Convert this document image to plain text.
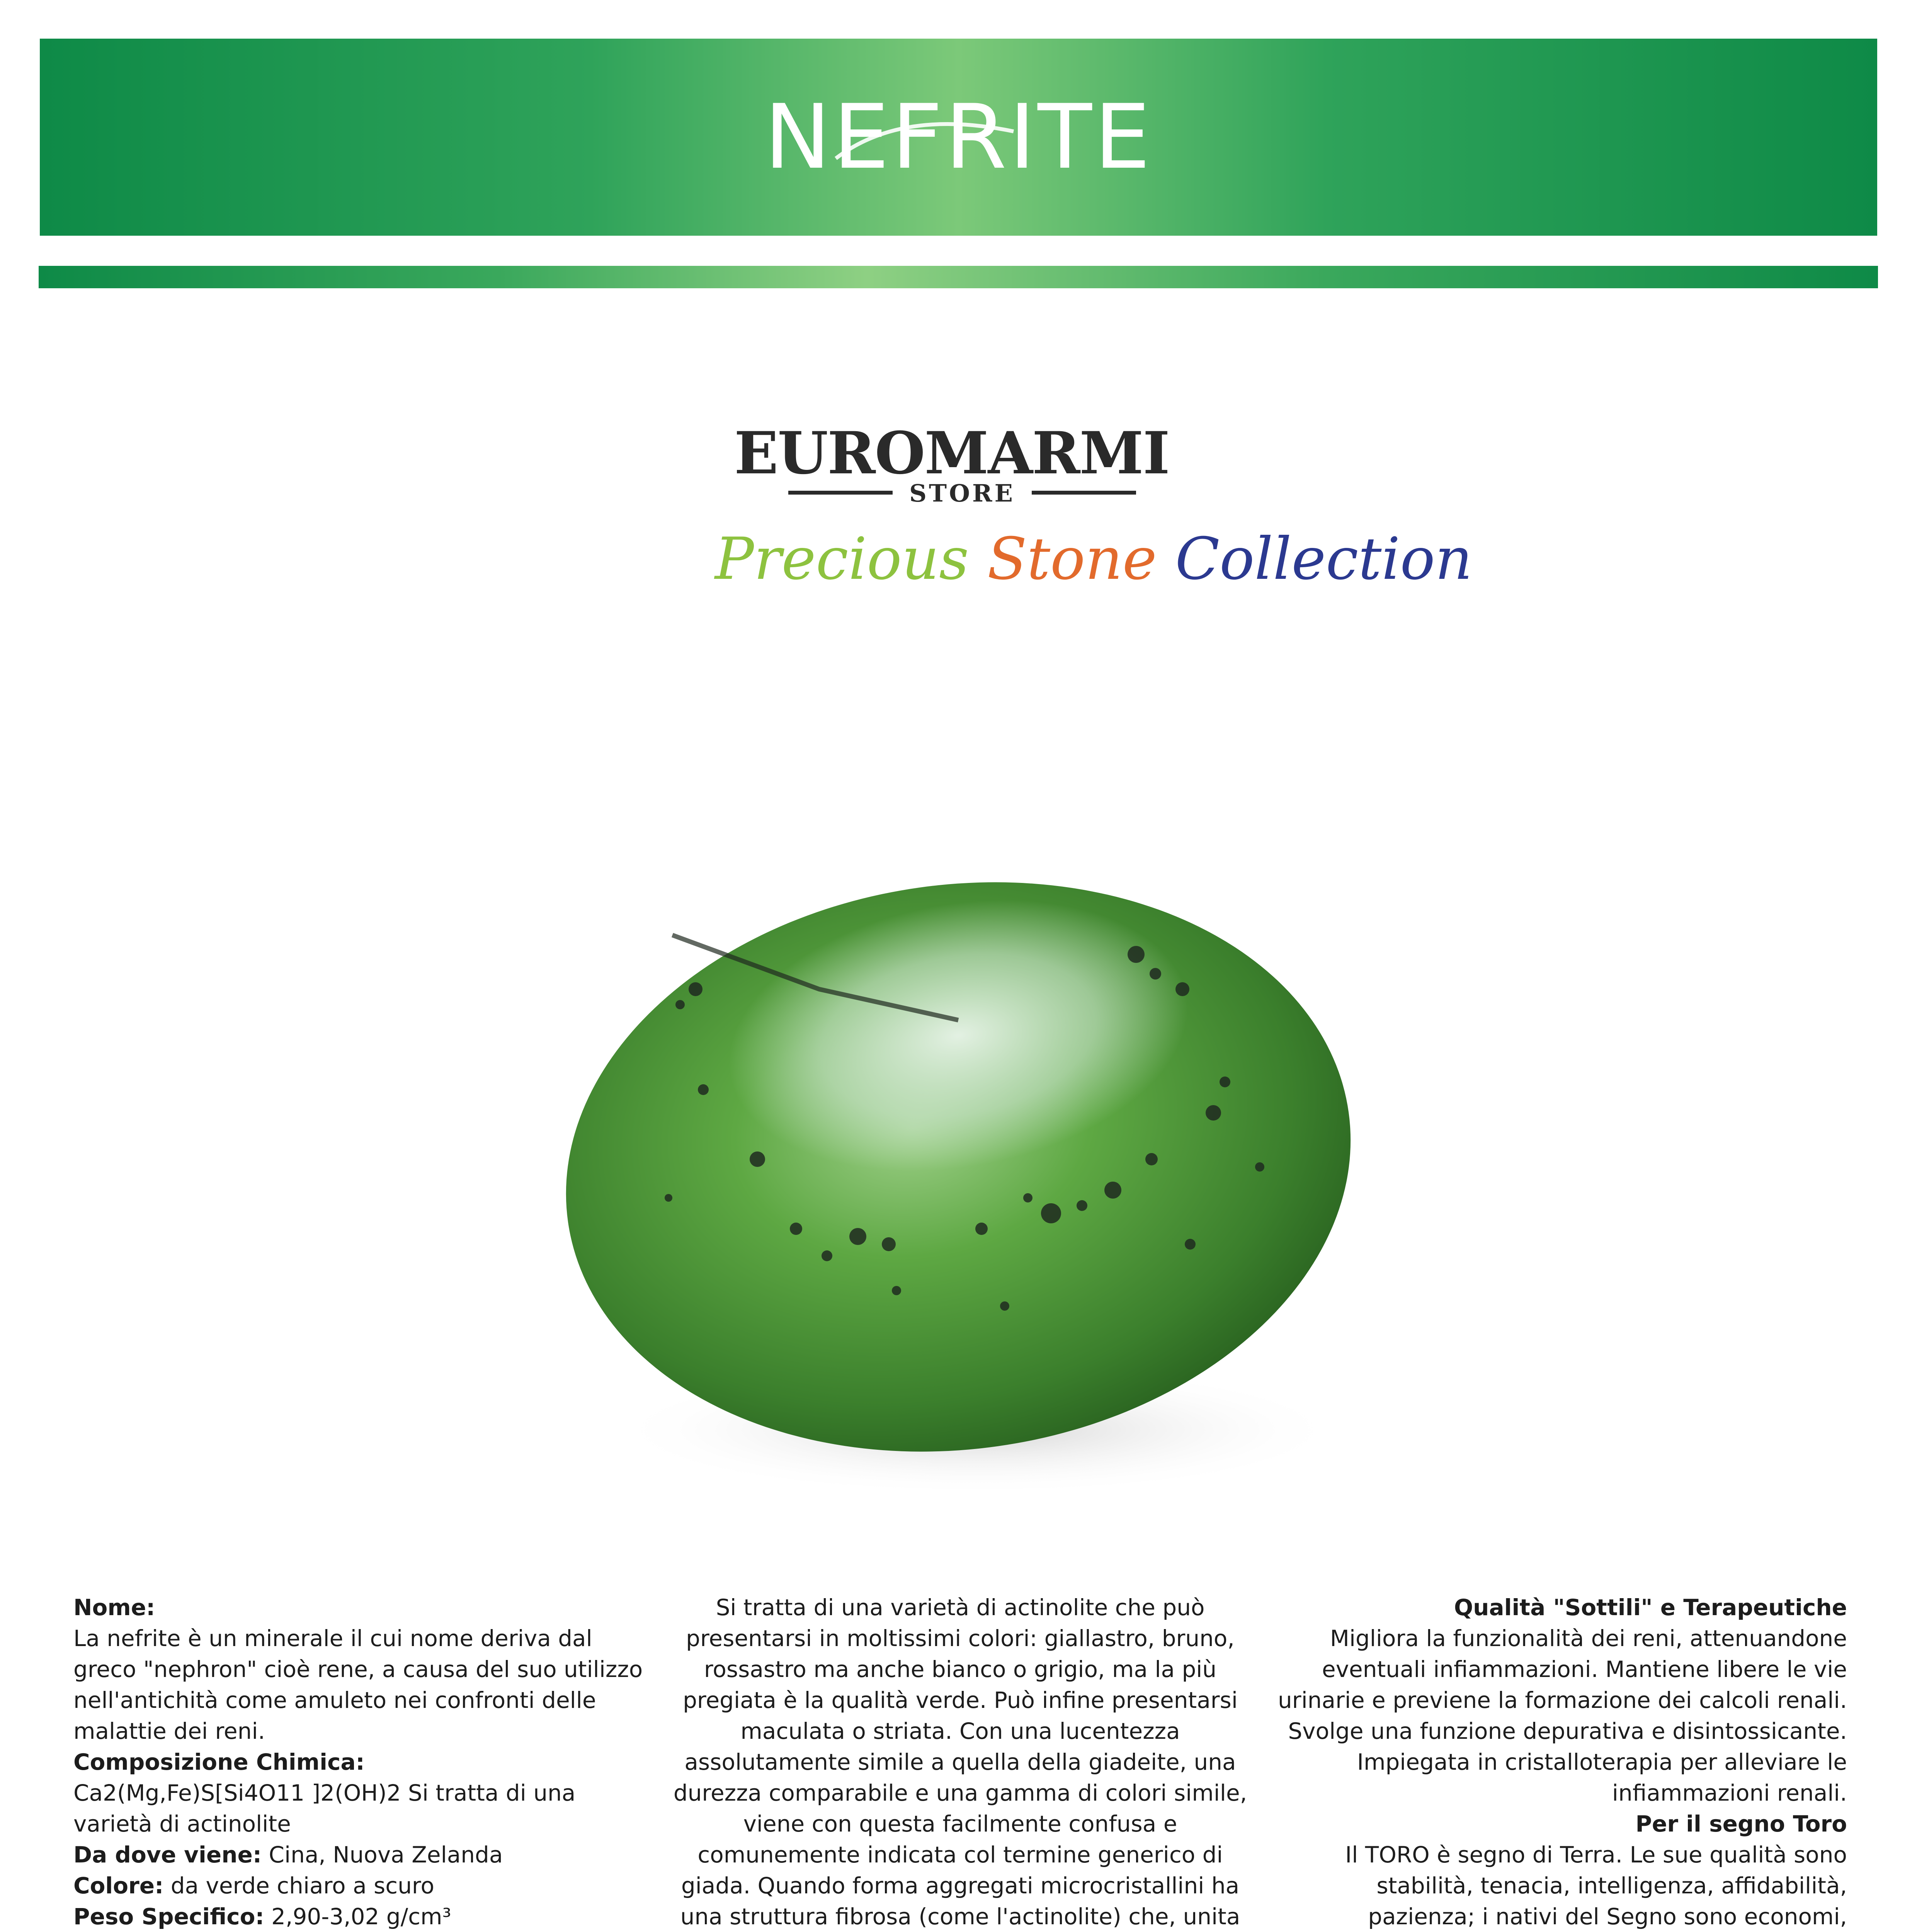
NEFRITE
EUROMARMI
STORE
Precious Stone Collection
Nome:
La nefrite è un minerale il cui nome deriva dal greco "nephron" cioè rene, a causa del suo utilizzo nell'antichità come amuleto nei confronti delle malattie dei reni.
Composizione Chimica:
Ca2(Mg,Fe)S[Si4O11 ]2(OH)2 Si tratta di una varietà di actinolite
Da dove viene: Cina, Nuova Zelanda
Colore: da verde chiaro a scuro
Peso Specifico: 2,90-3,02 g/cm³
Si tratta di una varietà di actinolite che può presentarsi in moltissimi colori: giallastro, bruno, rossastro ma anche bianco o grigio, ma la più pregiata è la qualità verde. Può infine presentarsi maculata o striata. Con una lucentezza assolutamente simile a quella della giadeite, una durezza comparabile e una gamma di colori simile, viene con questa facilmente confusa e comunemente indicata col termine generico di giada. Quando forma aggregati microcristallini ha una struttura fibrosa (come l'actinolite) che, unita
Qualità "Sottili" e Terapeutiche
Migliora la funzionalità dei reni, attenuandone eventuali infiammazioni. Mantiene libere le vie urinarie e previene la formazione dei calcoli renali. Svolge una funzione depurativa e disintossicante. Impiegata in cristalloterapia per alleviare le infiammazioni renali.
Per il segno Toro
Il TORO è segno di Terra. Le sue qualità sono stabilità, tenacia, intelligenza, affidabilità, pazienza; i nativi del Segno sono economi,
